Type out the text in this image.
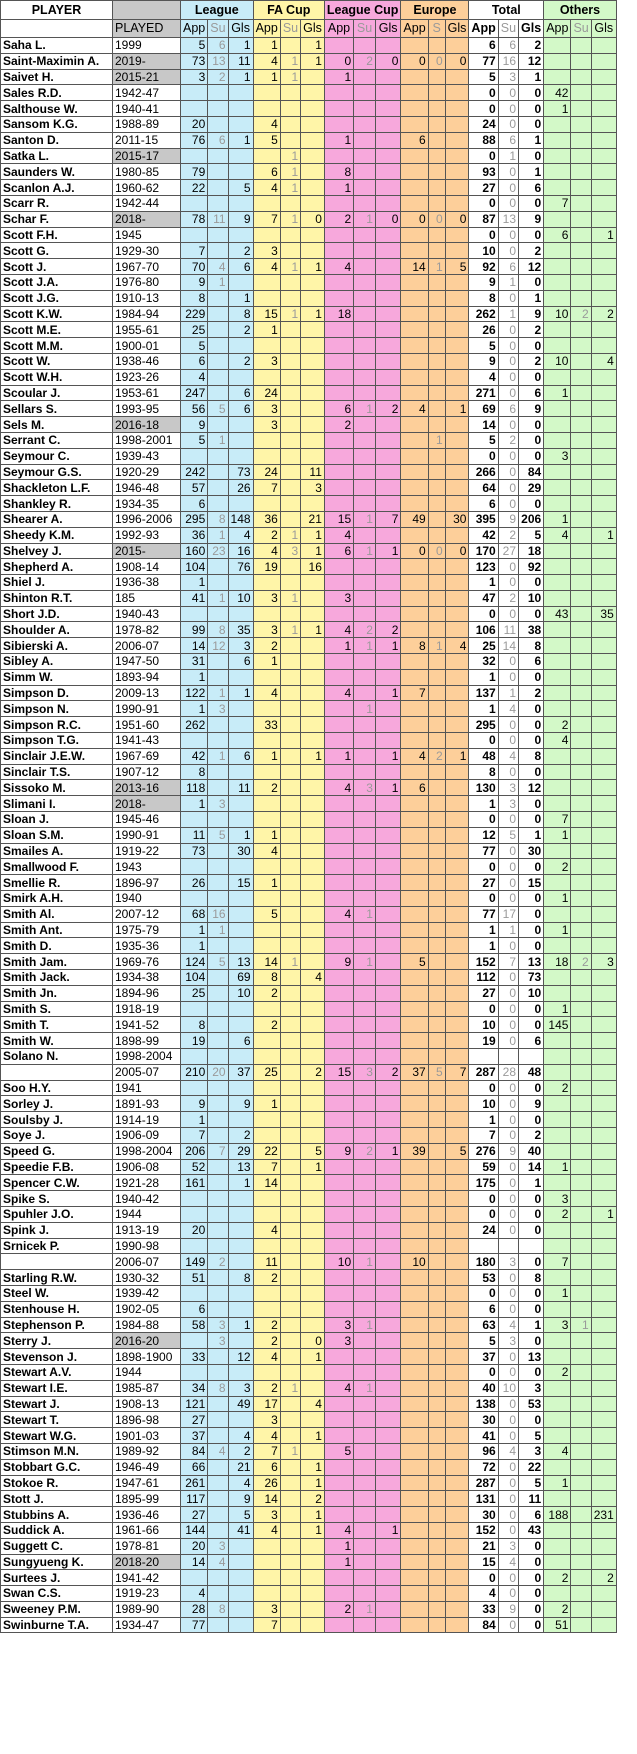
PLAYER		League			FA Cup			League Cup			Europe			Total			Others		
	PLAYED	App	Su	Gls	App	Su	Gls	App	Su	Gls	App	S	Gls	App	Su	Gls	App	Su	Gls
Saha L.	1999	5	6	1	1		1							6	6	2			
Saint-Maximin A.	2019-	73	13	11	4	1	1	0	2	0	0	0	0	77	16	12			
Saivet H.	2015-21	3	2	1	1	1		1						5	3	1			
Sales R.D.	1942-47													0	0	0	42		
Salthouse W.	1940-41													0	0	0	1		
Sansom K.G.	1988-89	20			4									24	0	0			
Santon D.	2011-15	76	6	1	5			1			6			88	6	1			
Satka L.	2015-17					1								0	1	0			
Saunders W.	1980-85	79			6	1		8						93	0	1			
Scanlon A.J.	1960-62	22		5	4	1		1						27	0	6			
Scarr R.	1942-44													0	0	0	7		
Schar F.	2018-	78	11	9	7	1	0	2	1	0	0	0	0	87	13	9			
Scott F.H.	1945													0	0	0	6		1
Scott G.	1929-30	7		2	3									10	0	2			
Scott J.	1967-70	70	4	6	4	1	1	4			14	1	5	92	6	12			
Scott J.A.	1976-80	9	1											9	1	0			
Scott J.G.	1910-13	8		1										8	0	1			
Scott K.W.	1984-94	229		8	15	1	1	18						262	1	9	10	2	2
Scott M.E.	1955-61	25		2	1									26	0	2			
Scott M.M.	1900-01	5												5	0	0			
Scott W.	1938-46	6		2	3									9	0	2	10		4
Scott W.H.	1923-26	4												4	0	0			
Scoular J.	1953-61	247		6	24									271	0	6	1		
Sellars S.	1993-95	56	5	6	3			6	1	2	4		1	69	6	9			
Sels M.	2016-18	9			3			2						14	0	0			
Serrant C.	1998-2001	5	1									1		5	2	0			
Seymour C.	1939-43													0	0	0	3		
Seymour G.S.	1920-29	242		73	24		11							266	0	84			
Shackleton L.F.	1946-48	57		26	7		3							64	0	29			
Shankley R.	1934-35	6												6	0	0			
Shearer A.	1996-2006	295	8	148	36		21	15	1	7	49		30	395	9	206	1		
Sheedy K.M.	1992-93	36	1	4	2	1	1	4						42	2	5	4		1
Shelvey J.	2015-	160	23	16	4	3	1	6	1	1	0	0	0	170	27	18			
Shepherd A.	1908-14	104		76	19		16							123	0	92			
Shiel J.	1936-38	1												1	0	0			
Shinton R.T.	185	41	1	10	3	1		3						47	2	10			
Short J.D.	1940-43													0	0	0	43		35
Shoulder A.	1978-82	99	8	35	3	1	1	4	2	2				106	11	38			
Sibierski A.	2006-07	14	12	3	2			1	1	1	8	1	4	25	14	8			
Sibley A.	1947-50	31		6	1									32	0	6			
Simm W.	1893-94	1												1	0	0			
Simpson D.	2009-13	122	1	1	4			4		1	7			137	1	2			
Simpson N.	1990-91	1	3						1					1	4	0			
Simpson R.C.	1951-60	262			33									295	0	0	2		
Simpson T.G.	1941-43													0	0	0	4		
Sinclair J.E.W.	1967-69	42	1	6	1		1	1		1	4	2	1	48	4	8			
Sinclair T.S.	1907-12	8												8	0	0			
Sissoko M.	2013-16	118		11	2			4	3	1	6			130	3	12			
Slimani I.	2018-	1	3											1	3	0			
Sloan J.	1945-46													0	0	0	7		
Sloan S.M.	1990-91	11	5	1	1									12	5	1	1		
Smailes A.	1919-22	73		30	4									77	0	30			
Smallwood F.	1943													0	0	0	2		
Smellie R.	1896-97	26		15	1									27	0	15			
Smirk A.H.	1940													0	0	0	1		
Smith Al.	2007-12	68	16		5			4	1					77	17	0			
Smith Ant.	1975-79	1	1											1	1	0	1		
Smith D.	1935-36	1												1	0	0			
Smith Jam.	1969-76	124	5	13	14	1		9	1		5			152	7	13	18	2	3
Smith Jack.	1934-38	104		69	8		4							112	0	73			
Smith Jn.	1894-96	25		10	2									27	0	10			
Smith S.	1918-19													0	0	0	1		
Smith T.	1941-52	8			2									10	0	0	145		
Smith W.	1898-99	19		6										19	0	6			
Solano N.	1998-2004																		
	2005-07	210	20	37	25		2	15	3	2	37	5	7	287	28	48			
Soo H.Y.	1941													0	0	0	2		
Sorley J.	1891-93	9		9	1									10	0	9			
Soulsby J.	1914-19	1												1	0	0			
Soye J.	1906-09	7		2										7	0	2			
Speed G.	1998-2004	206	7	29	22		5	9	2	1	39		5	276	9	40			
Speedie F.B.	1906-08	52		13	7		1							59	0	14	1		
Spencer C.W.	1921-28	161		1	14									175	0	1			
Spike S.	1940-42													0	0	0	3		
Spuhler J.O.	1944													0	0	0	2		1
Spink J.	1913-19	20			4									24	0	0			
Srnicek P.	1990-98																		
	2006-07	149	2		11			10	1		10			180	3	0	7		
Starling R.W.	1930-32	51		8	2									53	0	8			
Steel W.	1939-42													0	0	0	1		
Stenhouse H.	1902-05	6												6	0	0			
Stephenson P.	1984-88	58	3	1	2			3	1					63	4	1	3	1	
Sterry J.	2016-20		3		2		0	3						5	3	0			
Stevenson J.	1898-1900	33		12	4		1							37	0	13			
Stewart A.V.	1944													0	0	0	2		
Stewart I.E.	1985-87	34	8	3	2	1		4	1					40	10	3			
Stewart J.	1908-13	121		49	17		4							138	0	53			
Stewart T.	1896-98	27			3									30	0	0			
Stewart W.G.	1901-03	37		4	4		1							41	0	5			
Stimson M.N.	1989-92	84	4	2	7	1		5						96	4	3	4		
Stobbart G.C.	1946-49	66		21	6		1							72	0	22			
Stokoe R.	1947-61	261		4	26		1							287	0	5	1		
Stott J.	1895-99	117		9	14		2							131	0	11			
Stubbins A.	1936-46	27		5	3		1							30	0	6	188		231
Suddick A.	1961-66	144		41	4		1	4		1				152	0	43			
Suggett C.	1978-81	20	3					1						21	3	0			
Sungyueng K.	2018-20	14	4					1						15	4	0			
Surtees J.	1941-42													0	0	0	2		2
Swan C.S.	1919-23	4												4	0	0			
Sweeney P.M.	1989-90	28	8		3			2	1					33	9	0	2		
Swinburne T.A.	1934-47	77			7									84	0	0	51		
